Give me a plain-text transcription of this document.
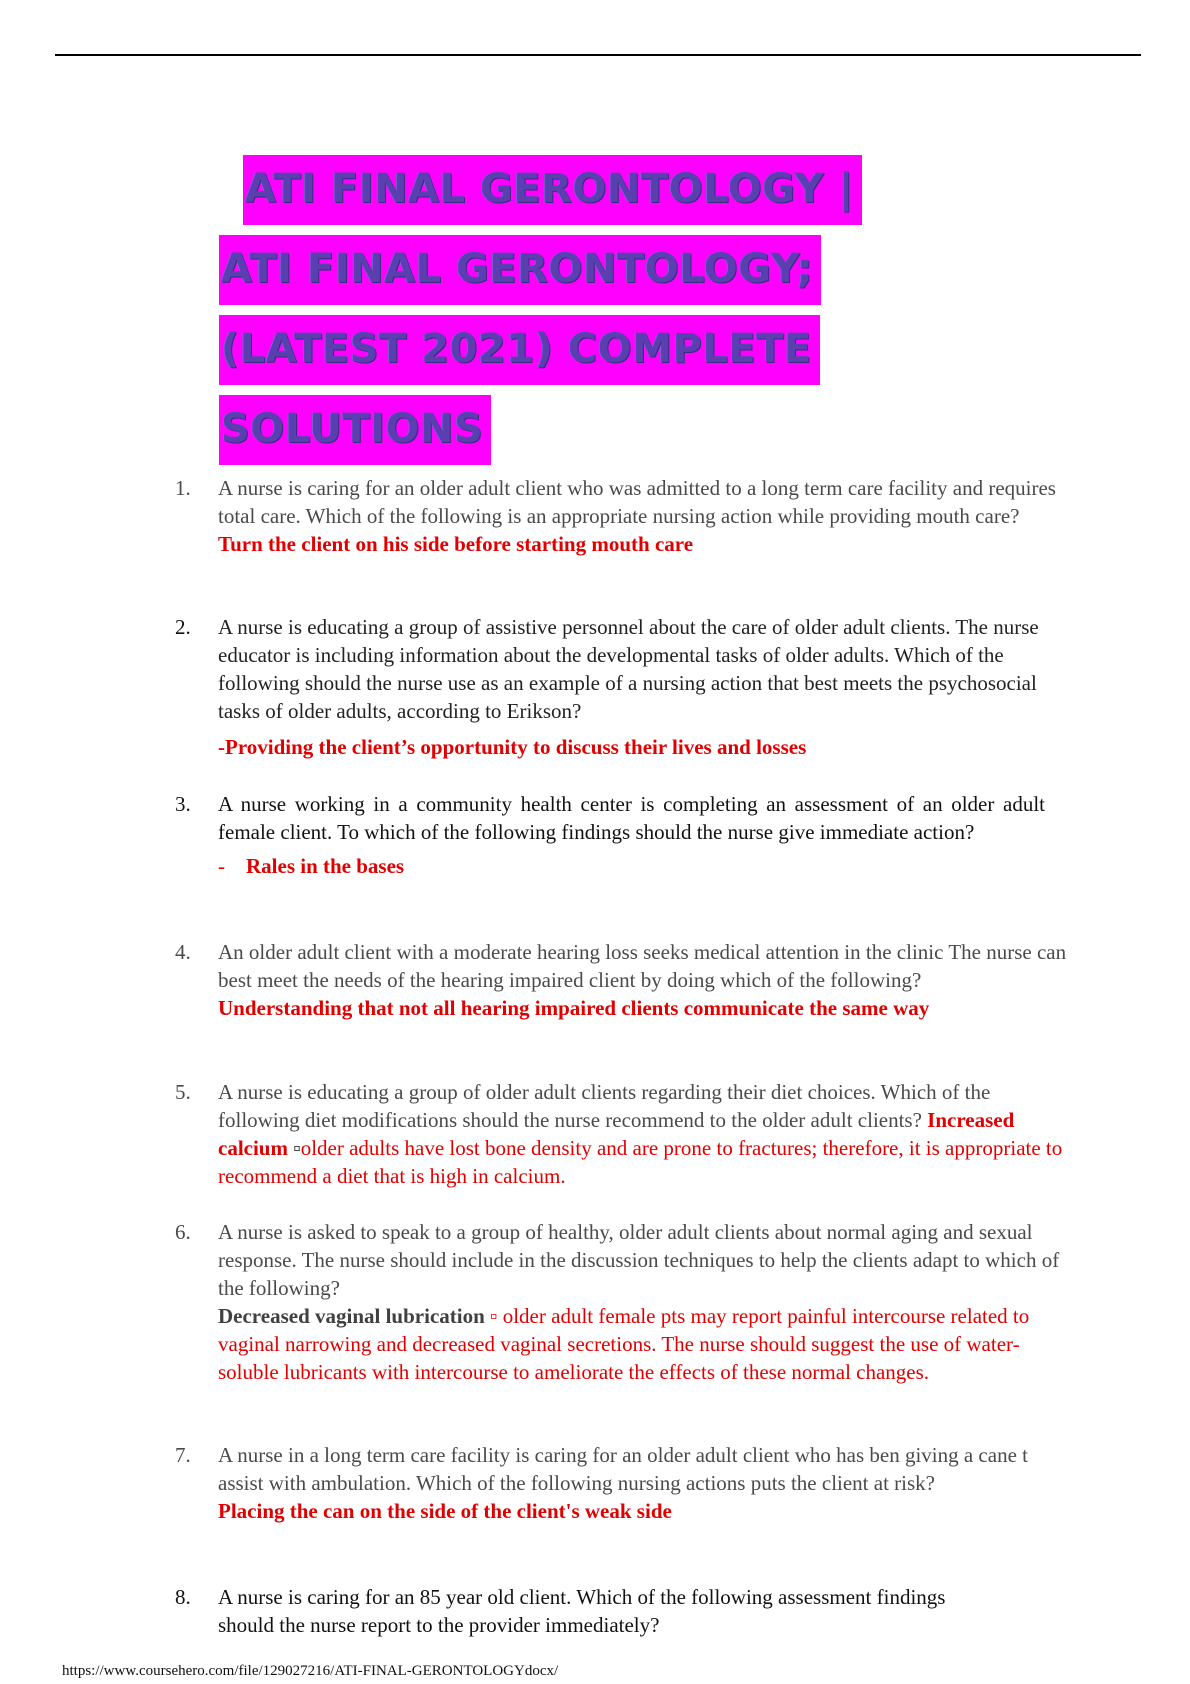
ATI FINAL GERONTOLOGY |
ATI FINAL GERONTOLOGY;
(LATEST 2021) COMPLETE
SOLUTIONS
1. A nurse is caring for an older adult client who was admitted to a long term care facility and requires total care. Which of the following is an appropriate nursing action while providing mouth care?
Turn the client on his side before starting mouth care
2. A nurse is educating a group of assistive personnel about the care of older adult clients. The nurse educator is including information about the developmental tasks of older adults. Which of the following should the nurse use as an example of a nursing action that best meets the psychosocial tasks of older adults, according to Erikson?
-Providing the client’s opportunity to discuss their lives and losses
3. A nurse working in a community health center is completing an assessment of an older adult female client. To which of the following findings should the nurse give immediate action?
- Rales in the bases
4. An older adult client with a moderate hearing loss seeks medical attention in the clinic The nurse can best meet the needs of the hearing impaired client by doing which of the following?
Understanding that not all hearing impaired clients communicate the same way
5. A nurse is educating a group of older adult clients regarding their diet choices. Which of the following diet modifications should the nurse recommend to the older adult clients? Increased calcium ▫older adults have lost bone density and are prone to fractures; therefore, it is appropriate to recommend a diet that is high in calcium.
6. A nurse is asked to speak to a group of healthy, older adult clients about normal aging and sexual response. The nurse should include in the discussion techniques to help the clients adapt to which of the following?
Decreased vaginal lubrication ▫ older adult female pts may report painful intercourse related to vaginal narrowing and decreased vaginal secretions. The nurse should suggest the use of water-soluble lubricants with intercourse to ameliorate the effects of these normal changes.
7. A nurse in a long term care facility is caring for an older adult client who has ben giving a cane t assist with ambulation. Which of the following nursing actions puts the client at risk?
Placing the can on the side of the client's weak side
8. A nurse is caring for an 85 year old client. Which of the following assessment findings should the nurse report to the provider immediately?
https://www.coursehero.com/file/129027216/ATI-FINAL-GERONTOLOGYdocx/
